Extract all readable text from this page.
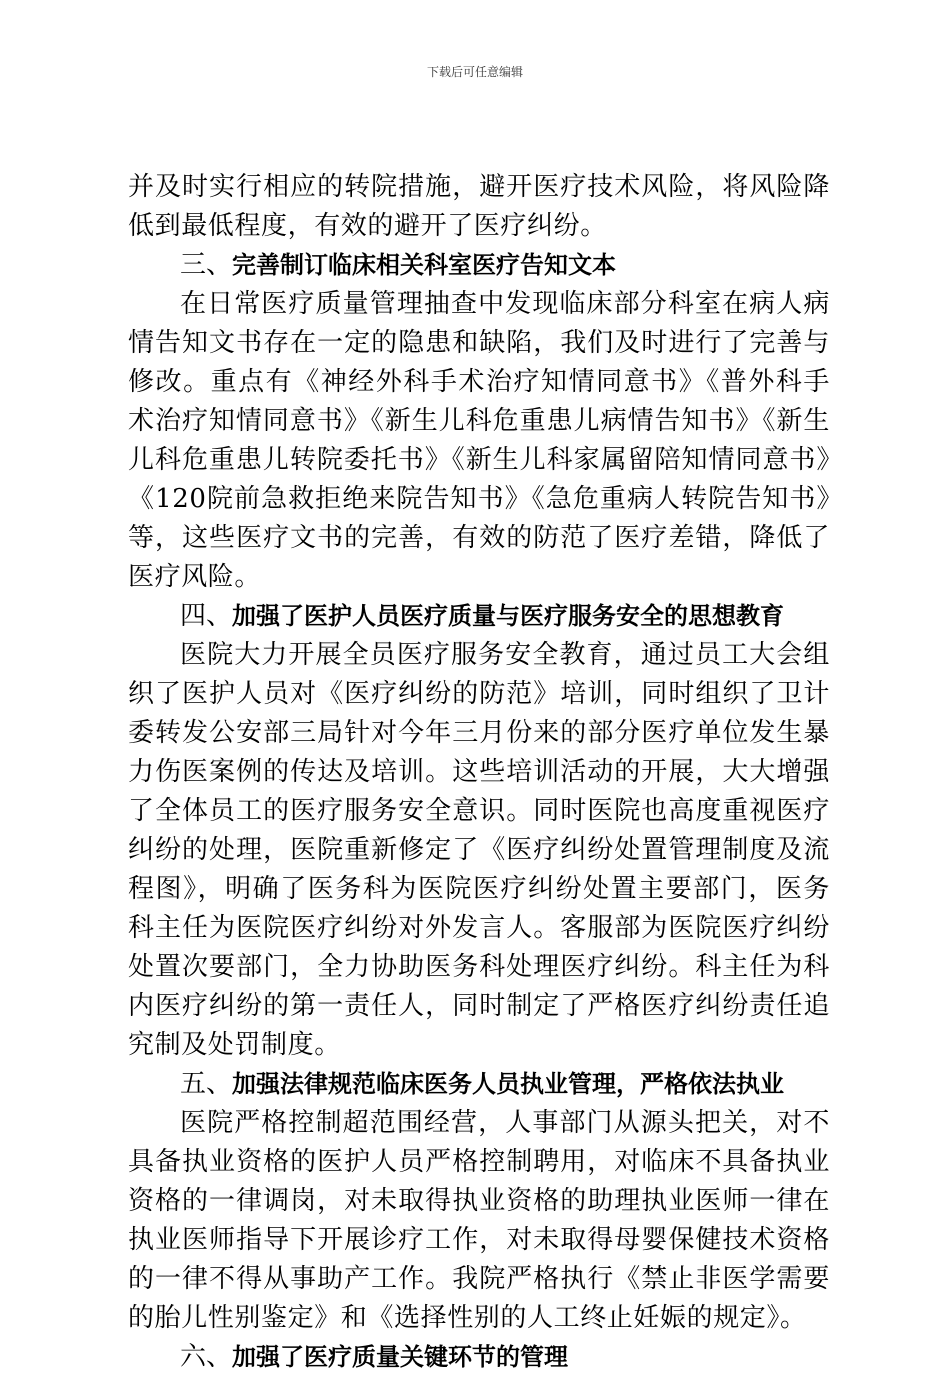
下载后可任意编辑

并及时实行相应的转院措施，避开医疗技术风险，将风险降低到最低程度，有效的避开了医疗纠纷。

三、完善制订临床相关科室医疗告知文本

在日常医疗质量管理抽查中发现临床部分科室在病人病情告知文书存在一定的隐患和缺陷，我们及时进行了完善与修改。重点有《神经外科手术治疗知情同意书》《普外科手术治疗知情同意书》《新生儿科危重患儿病情告知书》《新生儿科危重患儿转院委托书》《新生儿科家属留陪知情同意书》《120院前急救拒绝来院告知书》《急危重病人转院告知书》等，这些医疗文书的完善，有效的防范了医疗差错，降低了医疗风险。

四、加强了医护人员医疗质量与医疗服务安全的思想教育

医院大力开展全员医疗服务安全教育，通过员工大会组织了医护人员对《医疗纠纷的防范》培训，同时组织了卫计委转发公安部三局针对今年三月份来的部分医疗单位发生暴力伤医案例的传达及培训。这些培训活动的开展，大大增强了全体员工的医疗服务安全意识。同时医院也高度重视医疗纠纷的处理，医院重新修定了《医疗纠纷处置管理制度及流程图》，明确了医务科为医院医疗纠纷处置主要部门，医务科主任为医院医疗纠纷对外发言人。客服部为医院医疗纠纷处置次要部门，全力协助医务科处理医疗纠纷。科主任为科内医疗纠纷的第一责任人，同时制定了严格医疗纠纷责任追究制及处罚制度。

五、加强法律规范临床医务人员执业管理，严格依法执业

医院严格控制超范围经营，人事部门从源头把关，对不具备执业资格的医护人员严格控制聘用，对临床不具备执业资格的一律调岗，对未取得执业资格的助理执业医师一律在执业医师指导下开展诊疗工作，对未取得母婴保健技术资格的一律不得从事助产工作。我院严格执行《禁止非医学需要的胎儿性别鉴定》和《选择性别的人工终止妊娠的规定》。

六、加强了医疗质量关键环节的管理
